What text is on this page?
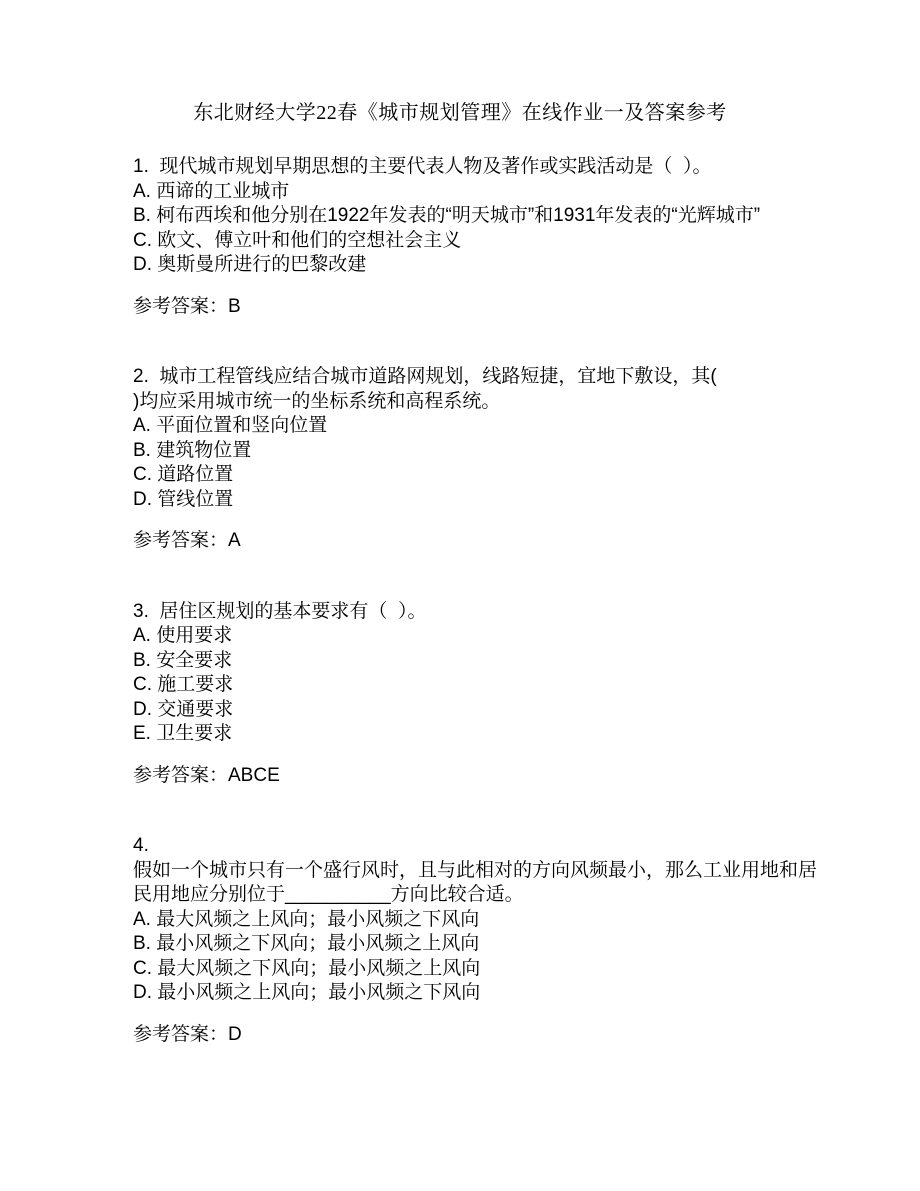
东北财经大学22春《城市规划管理》在线作业一及答案参考

1.  现代城市规划早期思想的主要代表人物及著作或实践活动是（  ）。

A. 西谛的工业城市

B. 柯布西埃和他分别在1922年发表的“明天城市”和1931年发表的“光辉城市”

C. 欧文、傅立叶和他们的空想社会主义

D. 奥斯曼所进行的巴黎改建

参考答案：B

2.  城市工程管线应结合城市道路网规划，线路短捷，宜地下敷设，其(

)均应采用城市统一的坐标系统和高程系统。

A. 平面位置和竖向位置

B. 建筑物位置

C. 道路位置

D. 管线位置

参考答案：A

3.  居住区规划的基本要求有（  ）。

A. 使用要求

B. 安全要求

C. 施工要求

D. 交通要求

E. 卫生要求

参考答案：ABCE

4.

假如一个城市只有一个盛行风时，且与此相对的方向风频最小，那么工业用地和居

民用地应分别位于__________方向比较合适。

A. 最大风频之上风向；最小风频之下风向

B. 最小风频之下风向；最小风频之上风向

C. 最大风频之下风向；最小风频之上风向

D. 最小风频之上风向；最小风频之下风向

参考答案：D
